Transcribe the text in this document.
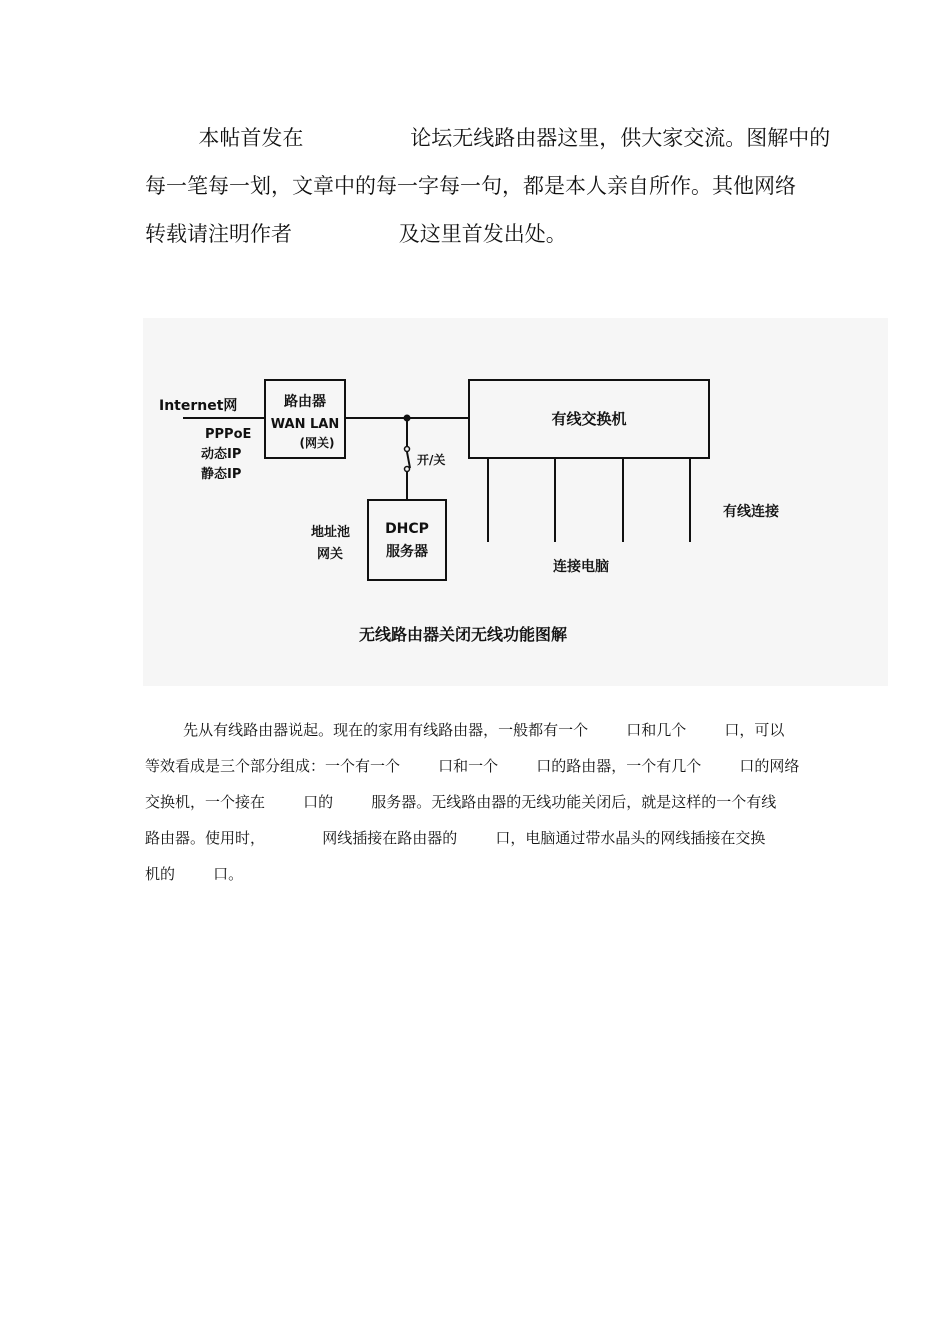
本帖首发在                论坛无线路由器这里，供大家交流。图解中的
每一笔每一划，文章中的每一字每一句，都是本人亲自所作。其他网络
转载请注明作者                及这里首发出处。
Internet网
PPPoE
动态IP
静态IP
路由器
WAN LAN
(网关)
开/关
DHCP
服务器
地址池
网关
有线交换机
有线连接
连接电脑
无线路由器关闭无线功能图解
先从有线路由器说起。现在的家用有线路由器，一般都有一个        口和几个        口，可以
等效看成是三个部分组成：一个有一个        口和一个        口的路由器，一个有几个        口的网络
交换机，一个接在        口的        服务器。无线路由器的无线功能关闭后，就是这样的一个有线
路由器。使用时，            网线插接在路由器的        口，电脑通过带水晶头的网线插接在交换
机的        口。
